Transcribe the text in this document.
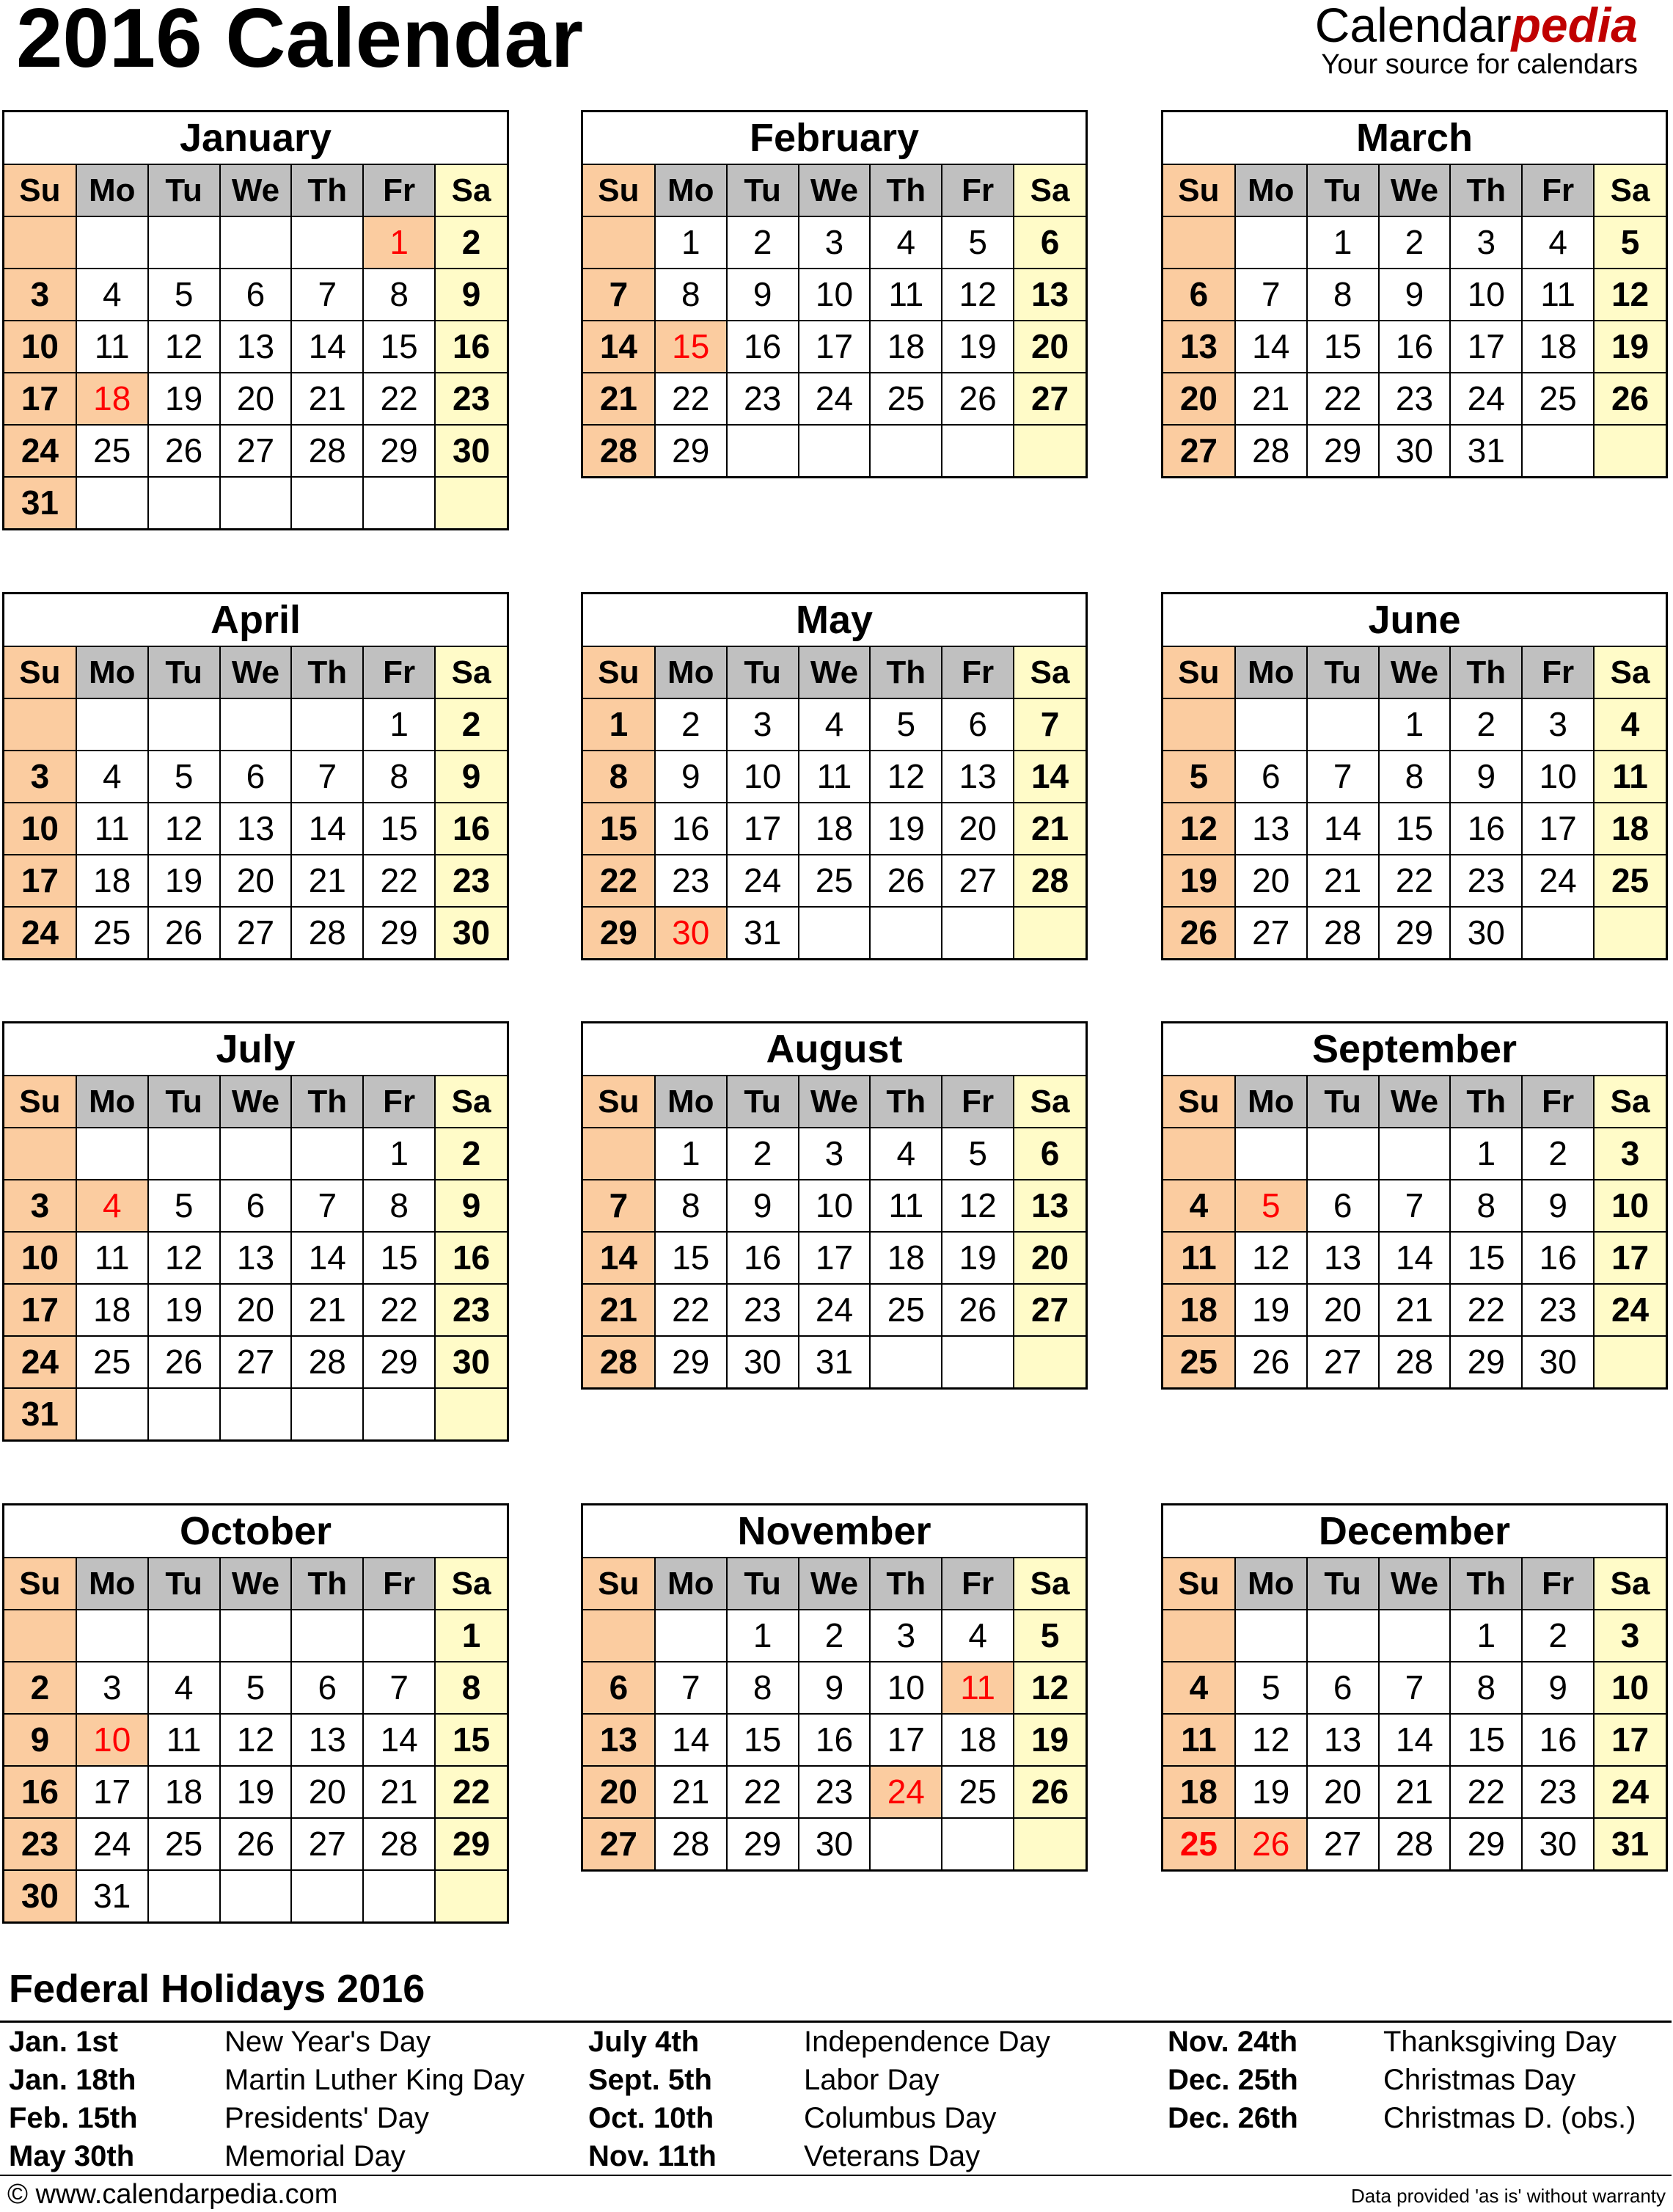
2016 Calendar	Calendarpedia
Your source for calendars
January
Su	Mo	Tu	We	Th	Fr	Sa
					1	2
3	4	5	6	7	8	9
10	11	12	13	14	15	16
17	18	19	20	21	22	23
24	25	26	27	28	29	30
31						
February
Su	Mo	Tu	We	Th	Fr	Sa
	1	2	3	4	5	6
7	8	9	10	11	12	13
14	15	16	17	18	19	20
21	22	23	24	25	26	27
28	29					
March
Su	Mo	Tu	We	Th	Fr	Sa
		1	2	3	4	5
6	7	8	9	10	11	12
13	14	15	16	17	18	19
20	21	22	23	24	25	26
27	28	29	30	31		
April
Su	Mo	Tu	We	Th	Fr	Sa
					1	2
3	4	5	6	7	8	9
10	11	12	13	14	15	16
17	18	19	20	21	22	23
24	25	26	27	28	29	30
May
Su	Mo	Tu	We	Th	Fr	Sa
1	2	3	4	5	6	7
8	9	10	11	12	13	14
15	16	17	18	19	20	21
22	23	24	25	26	27	28
29	30	31				
June
Su	Mo	Tu	We	Th	Fr	Sa
			1	2	3	4
5	6	7	8	9	10	11
12	13	14	15	16	17	18
19	20	21	22	23	24	25
26	27	28	29	30		
July
Su	Mo	Tu	We	Th	Fr	Sa
					1	2
3	4	5	6	7	8	9
10	11	12	13	14	15	16
17	18	19	20	21	22	23
24	25	26	27	28	29	30
31						
August
Su	Mo	Tu	We	Th	Fr	Sa
	1	2	3	4	5	6
7	8	9	10	11	12	13
14	15	16	17	18	19	20
21	22	23	24	25	26	27
28	29	30	31			
September
Su	Mo	Tu	We	Th	Fr	Sa
				1	2	3
4	5	6	7	8	9	10
11	12	13	14	15	16	17
18	19	20	21	22	23	24
25	26	27	28	29	30	
October
Su	Mo	Tu	We	Th	Fr	Sa
						1
2	3	4	5	6	7	8
9	10	11	12	13	14	15
16	17	18	19	20	21	22
23	24	25	26	27	28	29
30	31					
November
Su	Mo	Tu	We	Th	Fr	Sa
		1	2	3	4	5
6	7	8	9	10	11	12
13	14	15	16	17	18	19
20	21	22	23	24	25	26
27	28	29	30			
December
Su	Mo	Tu	We	Th	Fr	Sa
				1	2	3
4	5	6	7	8	9	10
11	12	13	14	15	16	17
18	19	20	21	22	23	24
25	26	27	28	29	30	31
Federal Holidays 2016
Jan. 1st	New Year's Day
Jan. 18th	Martin Luther King Day
Feb. 15th	Presidents' Day
May 30th	Memorial Day
July 4th	Independence Day
Sept. 5th	Labor Day
Oct. 10th	Columbus Day
Nov. 11th	Veterans Day
Nov. 24th	Thanksgiving Day
Dec. 25th	Christmas Day
Dec. 26th	Christmas D. (obs.)
© www.calendarpedia.com	Data provided 'as is' without warranty
